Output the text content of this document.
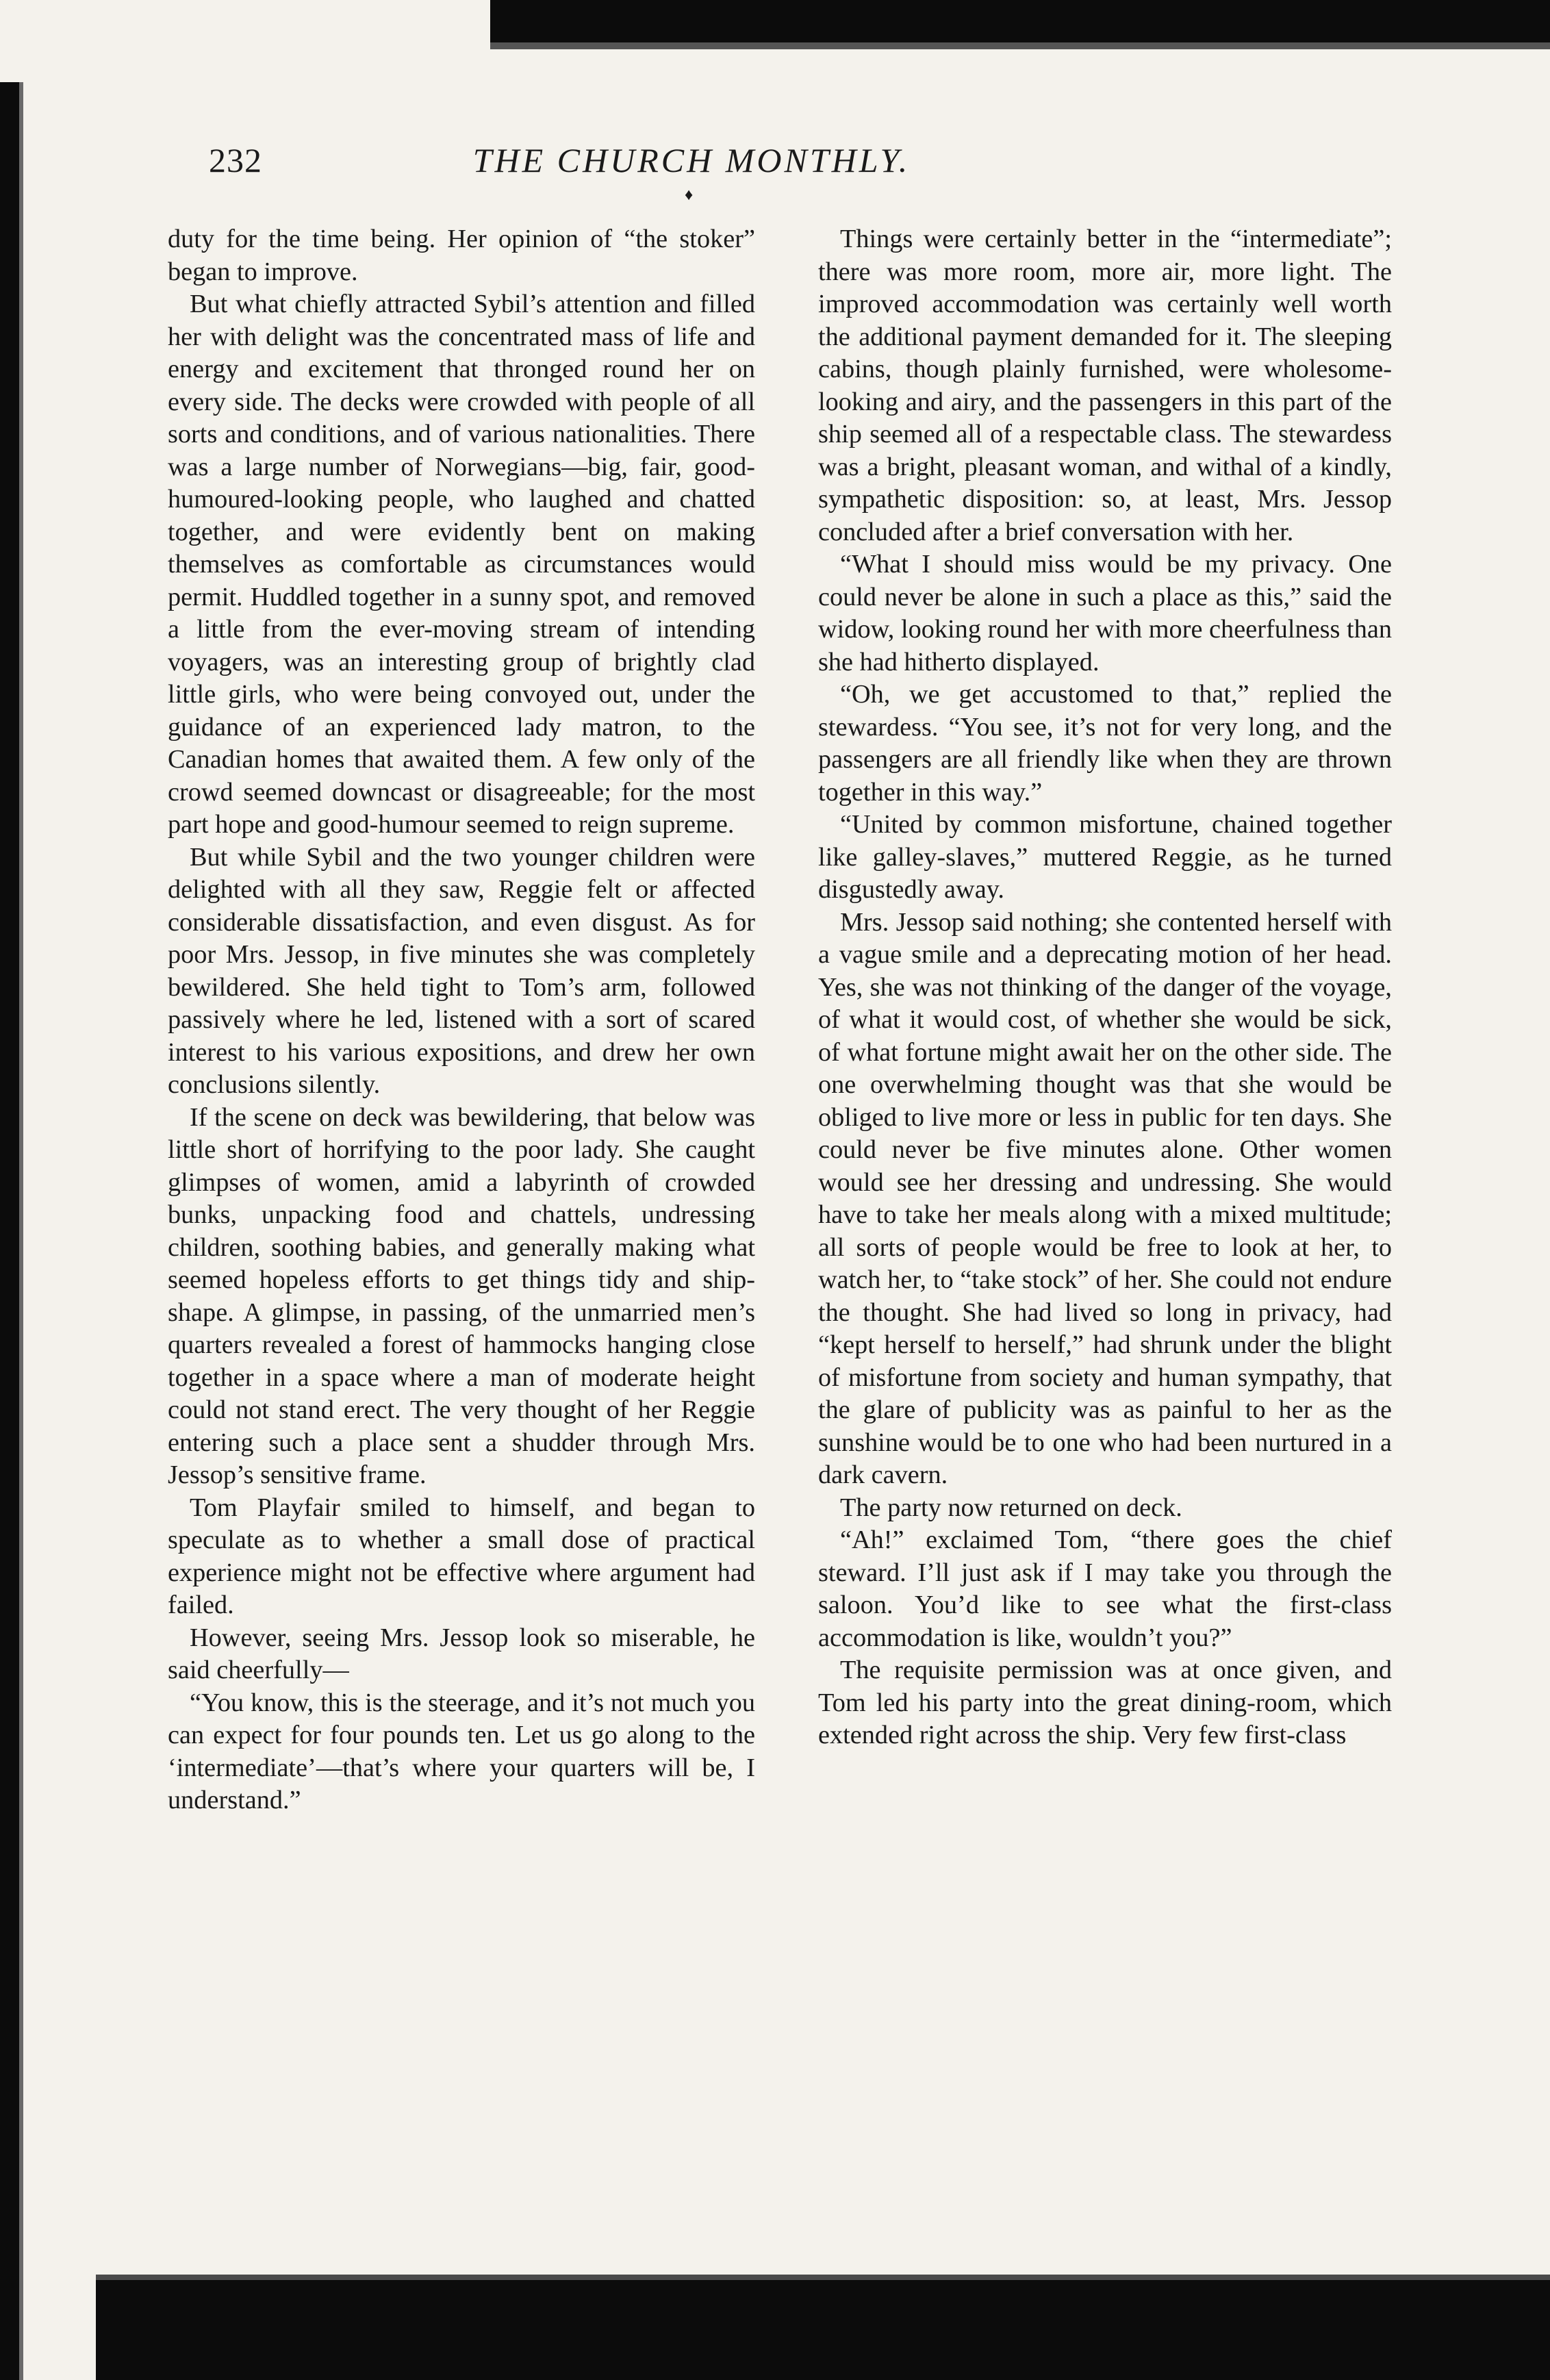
232	THE CHURCH MONTHLY.
♦

duty for the time being. Her opinion of “the stoker” began to improve.

But what chiefly attracted Sybil’s attention and filled her with delight was the concentrated mass of life and energy and excitement that thronged round her on every side. The decks were crowded with people of all sorts and conditions, and of various nationalities. There was a large number of Norwegians—big, fair, good-humoured-looking people, who laughed and chatted together, and were evidently bent on making themselves as comfortable as circumstances would permit. Huddled together in a sunny spot, and removed a little from the ever-moving stream of intending voyagers, was an interesting group of brightly clad little girls, who were being convoyed out, under the guidance of an experienced lady matron, to the Canadian homes that awaited them. A few only of the crowd seemed downcast or disagreeable; for the most part hope and good-humour seemed to reign supreme.

But while Sybil and the two younger children were delighted with all they saw, Reggie felt or affected considerable dissatisfaction, and even disgust. As for poor Mrs. Jessop, in five minutes she was completely bewildered. She held tight to Tom’s arm, followed passively where he led, listened with a sort of scared interest to his various expositions, and drew her own conclusions silently.

If the scene on deck was bewildering, that below was little short of horrifying to the poor lady. She caught glimpses of women, amid a labyrinth of crowded bunks, unpacking food and chattels, undressing children, soothing babies, and generally making what seemed hopeless efforts to get things tidy and ship-shape. A glimpse, in passing, of the unmarried men’s quarters revealed a forest of hammocks hanging close together in a space where a man of moderate height could not stand erect. The very thought of her Reggie entering such a place sent a shudder through Mrs. Jessop’s sensitive frame.

Tom Playfair smiled to himself, and began to speculate as to whether a small dose of practical experience might not be effective where argument had failed.

However, seeing Mrs. Jessop look so miserable, he said cheerfully—

“You know, this is the steerage, and it’s not much you can expect for four pounds ten. Let us go along to the ‘intermediate’—that’s where your quarters will be, I understand.”

Things were certainly better in the “intermediate”; there was more room, more air, more light. The improved accommodation was certainly well worth the additional payment demanded for it. The sleeping cabins, though plainly furnished, were wholesome-looking and airy, and the passengers in this part of the ship seemed all of a respectable class. The stewardess was a bright, pleasant woman, and withal of a kindly, sympathetic disposition: so, at least, Mrs. Jessop concluded after a brief conversation with her.

“What I should miss would be my privacy. One could never be alone in such a place as this,” said the widow, looking round her with more cheerfulness than she had hitherto displayed.

“Oh, we get accustomed to that,” replied the stewardess. “You see, it’s not for very long, and the passengers are all friendly like when they are thrown together in this way.”

“United by common misfortune, chained together like galley-slaves,” muttered Reggie, as he turned disgustedly away.

Mrs. Jessop said nothing; she contented herself with a vague smile and a deprecating motion of her head. Yes, she was not thinking of the danger of the voyage, of what it would cost, of whether she would be sick, of what fortune might await her on the other side. The one overwhelming thought was that she would be obliged to live more or less in public for ten days. She could never be five minutes alone. Other women would see her dressing and undressing. She would have to take her meals along with a mixed multitude; all sorts of people would be free to look at her, to watch her, to “take stock” of her. She could not endure the thought. She had lived so long in privacy, had “kept herself to herself,” had shrunk under the blight of misfortune from society and human sympathy, that the glare of publicity was as painful to her as the sunshine would be to one who had been nurtured in a dark cavern.

The party now returned on deck.

“Ah!” exclaimed Tom, “there goes the chief steward. I’ll just ask if I may take you through the saloon. You’d like to see what the first-class accommodation is like, wouldn’t you?”

The requisite permission was at once given, and Tom led his party into the great dining-room, which extended right across the ship. Very few first-class
